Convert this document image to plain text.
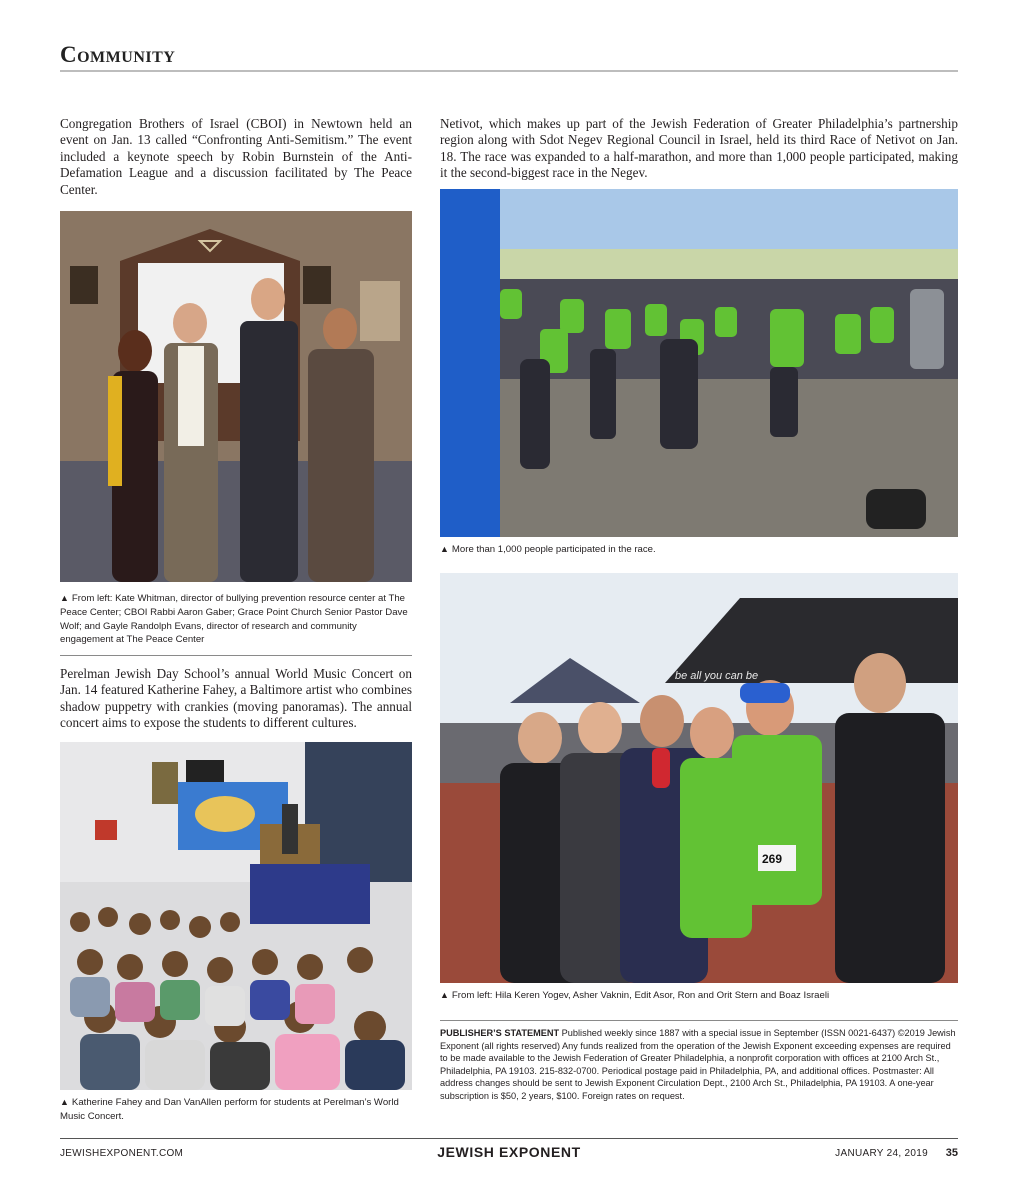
Community
Congregation Brothers of Israel (CBOI) in Newtown held an event on Jan. 13 called “Confronting Anti-Semitism.” The event included a keynote speech by Robin Burnstein of the Anti-Defamation League and a discussion facilitated by The Peace Center.
▲ From left: Kate Whitman, director of bullying prevention resource center at The Peace Center; CBOI Rabbi Aaron Gaber; Grace Point Church Senior Pastor Dave Wolf; and Gayle Randolph Evans, director of research and community engagement at The Peace Center
Perelman Jewish Day School’s annual World Music Concert on Jan. 14 featured Katherine Fahey, a Baltimore artist who combines shadow puppetry with crankies (moving panoramas). The annual concert aims to expose the students to different cultures.
▲ Katherine Fahey and Dan VanAllen perform for students at Perelman’s World Music Concert.
Netivot, which makes up part of the Jewish Federation of Greater Philadelphia’s partnership region along with Sdot Negev Regional Council in Israel, held its third Race of Netivot on Jan. 18. The race was expanded to a half-marathon, and more than 1,000 people participated, making it the second-biggest race in the Negev.
▲ More than 1,000 people participated in the race.
be all you can be
269
▲ From left: Hila Keren Yogev, Asher Vaknin, Edit Asor, Ron and Orit Stern and Boaz Israeli
PUBLISHER’S STATEMENT Published weekly since 1887 with a special issue in September (ISSN 0021-6437) ©2019 Jewish Exponent (all rights reserved) Any funds realized from the operation of the Jewish Exponent exceeding expenses are required to be made available to the Jewish Federation of Greater Philadelphia, a nonprofit corporation with offices at 2100 Arch St., Philadelphia, PA 19103. 215-832-0700. Periodical postage paid in Philadelphia, PA, and additional offices. Postmaster: All address changes should be sent to Jewish Exponent Circulation Dept., 2100 Arch St., Philadelphia, PA 19103. A one-year subscription is $50, 2 years, $100. Foreign rates on request.
JEWISHEXPONENT.COM	JEWISH EXPONENT	JANUARY 24, 2019 35
